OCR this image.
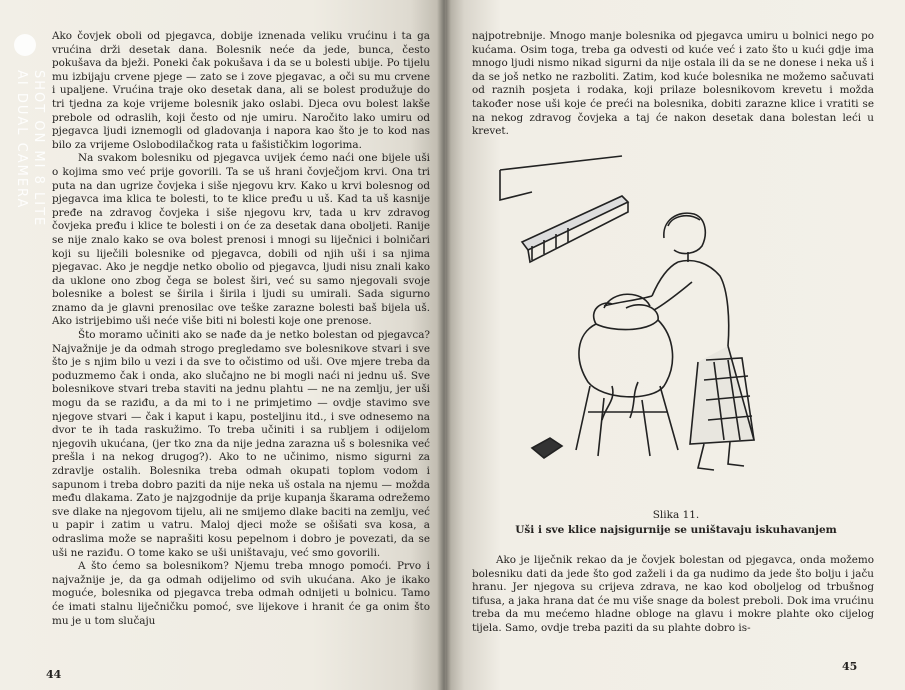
Ako čovjek oboli od pjegavca, dobije iznenada veliku vrućinu i ta ga vrućina drži desetak dana. Bolesnik neće da jede, bunca, često pokušava da bježi. Poneki čak pokušava i da se u bolesti ubije. Po tijelu mu izbijaju crvene pjege — zato se i zove pjegavac, a oči su mu crvene i upaljene. Vrućina traje oko desetak dana, ali se bolest produžuje do tri tjedna za koje vrijeme bolesnik jako oslabi. Djeca ovu bolest lakše prebole od odraslih, koji često od nje umiru. Naročito lako umiru od pjegavca ljudi iznemogli od gladovanja i napora kao što je to kod nas bilo za vrijeme Oslobodilačkog rata u fašističkim logorima.

Na svakom bolesniku od pjegavca uvijek ćemo naći one bijele uši o kojima smo već prije govorili. Ta se uš hrani čovječjom krvi. Ona tri puta na dan ugrize čovjeka i siše njegovu krv. Kako u krvi bolesnog od pjegavca ima klica te bolesti, to te klice pređu u uš. Kad ta uš kasnije pređe na zdravog čovjeka i siše njegovu krv, tada u krv zdravog čovjeka pređu i klice te bolesti i on će za desetak dana oboljeti. Ranije se nije znalo kako se ova bolest prenosi i mnogi su liječnici i bolničari koji su liječili bolesnike od pjegavca, dobili od njih uši i sa njima pjegavac. Ako je negdje netko obolio od pjegavca, ljudi nisu znali kako da uklone ono zbog čega se bolest širi, već su samo njegovali svoje bolesnike a bolest se širila i širila i ljudi su umirali. Sada sigurno znamo da je glavni prenosilac ove teške zarazne bolesti baš bijela uš. Ako istrijebimo uši neće više biti ni bolesti koje one prenose.

Što moramo učiniti ako se nađe da je netko bolestan od pjegavca? Najvažnije je da odmah strogo pregledamo sve bolesnikove stvari i sve što je s njim bilo u vezi i da sve to očistimo od uši. Ove mjere treba da poduzmemo čak i onda, ako slučajno ne bi mogli naći ni jednu uš. Sve bolesnikove stvari treba staviti na jednu plahtu — ne na zemlju, jer uši mogu da se raziđu, a da mi to i ne primjetimo — ovdje stavimo sve njegove stvari — čak i kaput i kapu, posteljinu itd., i sve odnesemo na dvor te ih tada raskužimo. To treba učiniti i sa rubljem i odijelom njegovih ukućana, (jer tko zna da nije jedna zarazna uš s bolesnika već prešla i na nekog drugog?). Ako to ne učinimo, nismo sigurni za zdravlje ostalih. Bolesnika treba odmah okupati toplom vodom i sapunom i treba dobro paziti da nije neka uš ostala na njemu — možda među dlakama. Zato je najzgodnije da prije kupanja škarama odrežemo sve dlake na njegovom tijelu, ali ne smijemo dlake baciti na zemlju, već u papir i zatim u vatru. Maloj djeci može se ošišati sva kosa, a odraslima može se naprašiti kosu pepelnom i dobro je povezati, da se uši ne raziđu. O tome kako se uši uništavaju, već smo govorili.

A što ćemo sa bolesnikom? Njemu treba mnogo pomoći. Prvo i najvažnije je, da ga odmah odijelimo od svih ukućana. Ako je ikako moguće, bolesnika od pjegavca treba odmah odnijeti u bolnicu. Tamo će imati stalnu liječničku pomoć, sve lijekove i hranit će ga onim što mu je u tom slučaju

44

najpotrebnije. Mnogo manje bolesnika od pjegavca umiru u bolnici nego po kućama. Osim toga, treba ga odvesti od kuće već i zato što u kući gdje ima mnogo ljudi nismo nikad sigurni da nije ostala ili da se ne donese i neka uš i da se još netko ne razboliti. Zatim, kod kuće bolesnika ne možemo sačuvati od raznih posjeta i rodaka, koji prilaze bolesnikovom krevetu i možda također nose uši koje će preći na bolesnika, dobiti zarazne klice i vratiti se na nekog zdravog čovjeka a taj će nakon desetak dana bolestan leći u krevet.

Slika 11.
Uši i sve klice najsigurnije se uništavaju iskuhavanjem

Ako je liječnik rekao da je čovjek bolestan od pjegavca, onda možemo bolesniku dati da jede što god zaželi i da ga nudimo da jede što bolju i jaču hranu. Jer njegova su crijeva zdrava, ne kao kod oboljelog od trbušnog tifusa, a jaka hrana dat će mu više snage da bolest preboli. Dok ima vrućinu treba da mu mećemo hladne obloge na glavu i mokre plahte oko cijelog tijela. Samo, ovdje treba paziti da su plahte dobro is-

45
SHOT ON MI 8 LITE
AI DUAL CAMERA
